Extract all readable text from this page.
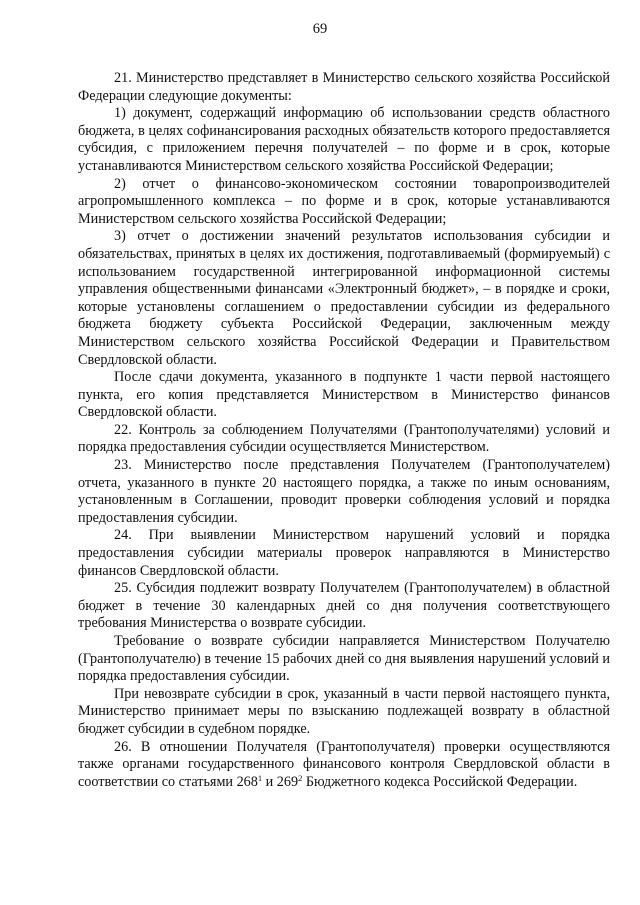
69

21. Министерство представляет в Министерство сельского хозяйства Российской Федерации следующие документы:

1) документ, содержащий информацию об использовании средств областного бюджета, в целях софинансирования расходных обязательств которого предоставляется субсидия, с приложением перечня получателей – по форме и в срок, которые устанавливаются Министерством сельского хозяйства Российской Федерации;

2) отчет о финансово-экономическом состоянии товаропроизводителей агропромышленного комплекса – по форме и в срок, которые устанавливаются Министерством сельского хозяйства Российской Федерации;

3) отчет о достижении значений результатов использования субсидии и обязательствах, принятых в целях их достижения, подготавливаемый (формируемый) с использованием государственной интегрированной информационной системы управления общественными финансами «Электронный бюджет», – в порядке и сроки, которые установлены соглашением о предоставлении субсидии из федерального бюджета бюджету субъекта Российской Федерации, заключенным между Министерством сельского хозяйства Российской Федерации и Правительством Свердловской области.

После сдачи документа, указанного в подпункте 1 части первой настоящего пункта, его копия представляется Министерством в Министерство финансов Свердловской области.

22. Контроль за соблюдением Получателями (Грантополучателями) условий и порядка предоставления субсидии осуществляется Министерством.

23. Министерство после представления Получателем (Грантополучателем) отчета, указанного в пункте 20 настоящего порядка, а также по иным основаниям, установленным в Соглашении, проводит проверки соблюдения условий и порядка предоставления субсидии.

24. При выявлении Министерством нарушений условий и порядка предоставления субсидии материалы проверок направляются в Министерство финансов Свердловской области.

25. Субсидия подлежит возврату Получателем (Грантополучателем) в областной бюджет в течение 30 календарных дней со дня получения соответствующего требования Министерства о возврате субсидии.

Требование о возврате субсидии направляется Министерством Получателю (Грантополучателю) в течение 15 рабочих дней со дня выявления нарушений условий и порядка предоставления субсидии.

При невозврате субсидии в срок, указанный в части первой настоящего пункта, Министерство принимает меры по взысканию подлежащей возврату в областной бюджет субсидии в судебном порядке.

26. В отношении Получателя (Грантополучателя) проверки осуществляются также органами государственного финансового контроля Свердловской области в соответствии со статьями $268^1$ и $269^2$ Бюджетного кодекса Российской Федерации.
